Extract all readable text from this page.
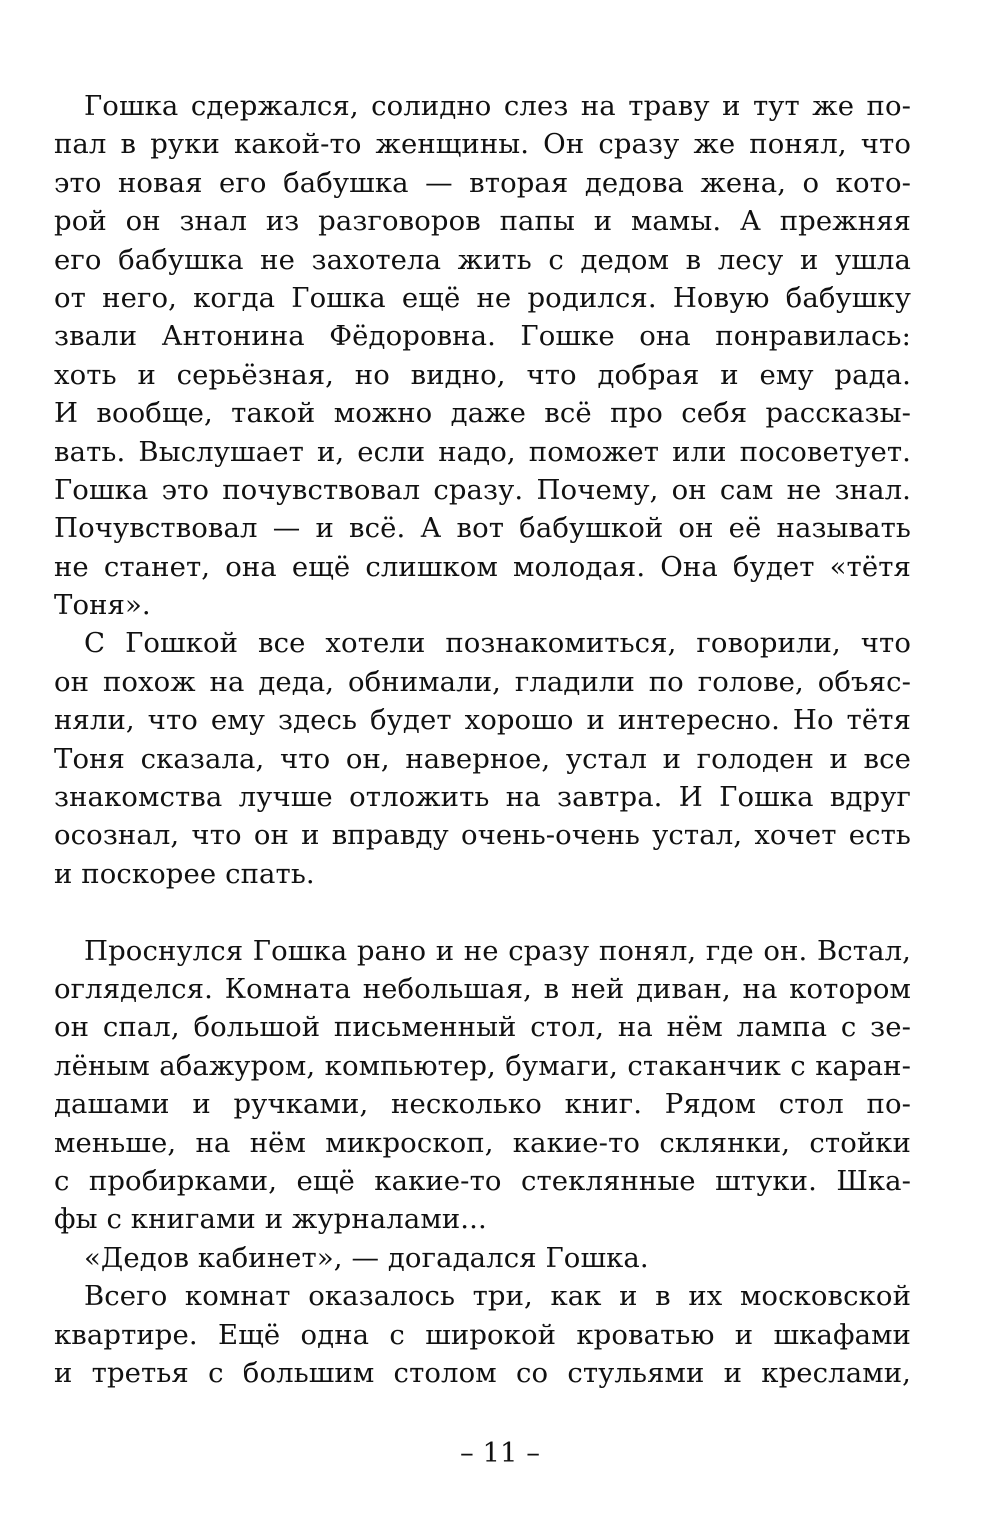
Гошка сдержался, солидно слез на траву и тут же по-
пал в руки какой-то женщины. Он сразу же понял, что
это новая его бабушка — вторая дедова жена, о кото-
рой он знал из разговоров папы и мамы. А прежняя
его бабушка не захотела жить с дедом в лесу и ушла
от него, когда Гошка ещё не родился. Новую бабушку
звали Антонина Фёдоровна. Гошке она понравилась:
хоть и серьёзная, но видно, что добрая и ему рада.
И вообще, такой можно даже всё про себя рассказы-
вать. Выслушает и, если надо, поможет или посоветует.
Гошка это почувствовал сразу. Почему, он сам не знал.
Почувствовал — и всё. А вот бабушкой он её называть
не станет, она ещё слишком молодая. Она будет «тётя
Тоня».
С Гошкой все хотели познакомиться, говорили, что
он похож на деда, обнимали, гладили по голове, объяс-
няли, что ему здесь будет хорошо и интересно. Но тётя
Тоня сказала, что он, наверное, устал и голоден и все
знакомства лучше отложить на завтра. И Гошка вдруг
осознал, что он и вправду очень-очень устал, хочет есть
и поскорее спать.
Проснулся Гошка рано и не сразу понял, где он. Встал,
огляделся. Комната небольшая, в ней диван, на котором
он спал, большой письменный стол, на нём лампа с зе-
лёным абажуром, компьютер, бумаги, стаканчик с каран-
дашами и ручками, несколько книг. Рядом стол по-
меньше, на нём микроскоп, какие-то склянки, стойки
с пробирками, ещё какие-то стеклянные штуки. Шка-
фы с книгами и журналами...
«Дедов кабинет», — догадался Гошка.
Всего комнат оказалось три, как и в их московской
квартире. Ещё одна с широкой кроватью и шкафами
и третья с большим столом со стульями и креслами,
– 11 –
